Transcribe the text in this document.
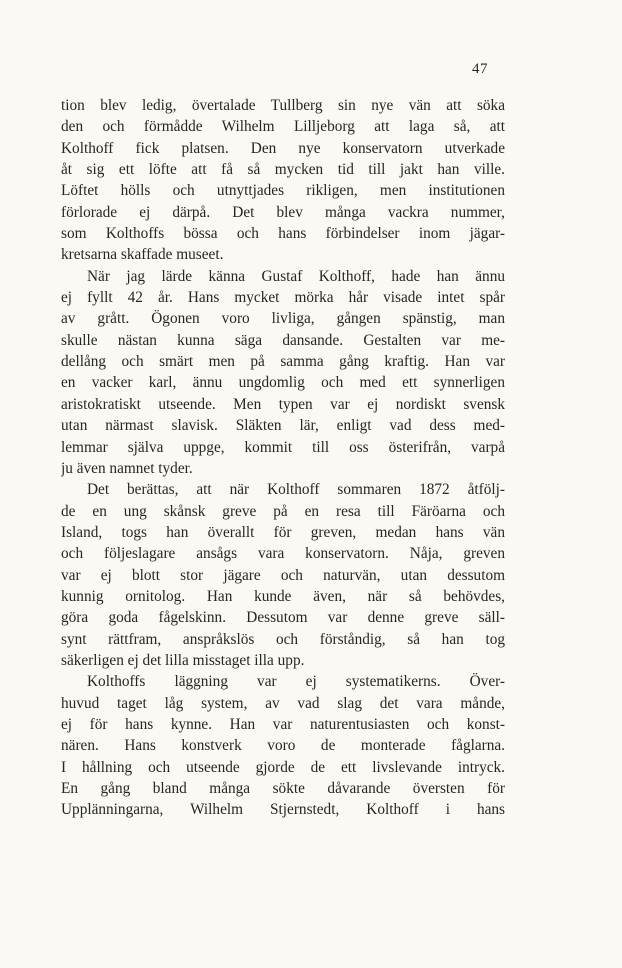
47
tion blev ledig, övertalade Tullberg sin nye vän att söka
den och förmådde Wilhelm Lilljeborg att laga så, att
Kolthoff fick platsen. Den nye konservatorn utverkade
åt sig ett löfte att få så mycken tid till jakt han ville.
Löftet hölls och utnyttjades rikligen, men institutionen
förlorade ej därpå. Det blev många vackra nummer,
som Kolthoffs bössa och hans förbindelser inom jägar-
kretsarna skaffade museet.
När jag lärde känna Gustaf Kolthoff, hade han ännu
ej fyllt 42 år. Hans mycket mörka hår visade intet spår
av grått. Ögonen voro livliga, gången spänstig, man
skulle nästan kunna säga dansande. Gestalten var me-
dellång och smärt men på samma gång kraftig. Han var
en vacker karl, ännu ungdomlig och med ett synnerligen
aristokratiskt utseende. Men typen var ej nordiskt svensk
utan närmast slavisk. Släkten lär, enligt vad dess med-
lemmar själva uppge, kommit till oss österifrån, varpå
ju även namnet tyder.
Det berättas, att när Kolthoff sommaren 1872 åtfölj-
de en ung skånsk greve på en resa till Färöarna och
Island, togs han överallt för greven, medan hans vän
och följeslagare ansågs vara konservatorn. Nåja, greven
var ej blott stor jägare och naturvän, utan dessutom
kunnig ornitolog. Han kunde även, när så behövdes,
göra goda fågelskinn. Dessutom var denne greve säll-
synt rättfram, anspråkslös och förståndig, så han tog
säkerligen ej det lilla misstaget illa upp.
Kolthoffs läggning var ej systematikerns. Över-
huvud taget låg system, av vad slag det vara månde,
ej för hans kynne. Han var naturentusiasten och konst-
nären. Hans konstverk voro de monterade fåglarna.
I hållning och utseende gjorde de ett livslevande intryck.
En gång bland många sökte dåvarande översten för
Upplänningarna, Wilhelm Stjernstedt, Kolthoff i hans
